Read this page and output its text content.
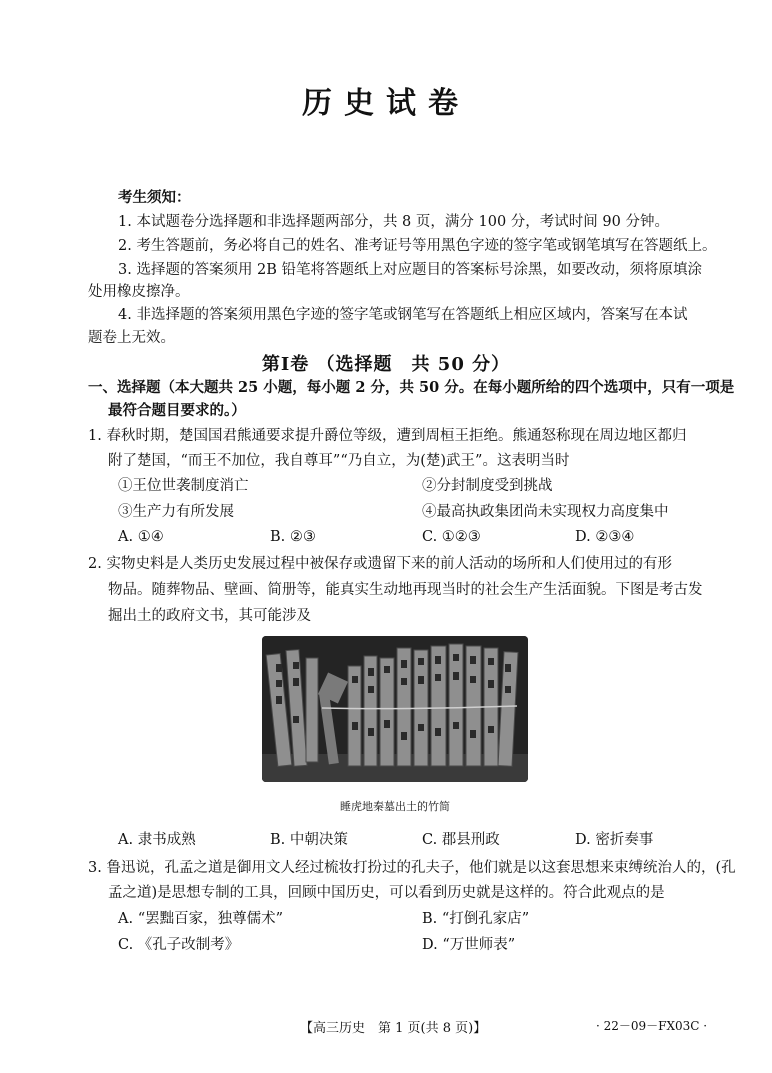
历史试卷
考生须知：
1. 本试题卷分选择题和非选择题两部分，共 8 页，满分 100 分，考试时间 90 分钟。
2. 考生答题前，务必将自己的姓名、准考证号等用黑色字迹的签字笔或钢笔填写在答题纸上。
3. 选择题的答案须用 2B 铅笔将答题纸上对应题目的答案标号涂黑，如要改动，须将原填涂
处用橡皮擦净。
4. 非选择题的答案须用黑色字迹的签字笔或钢笔写在答题纸上相应区域内，答案写在本试
题卷上无效。
第Ⅰ卷 （选择题　共 50 分）
一、选择题（本大题共 25 小题，每小题 2 分，共 50 分。在每小题所给的四个选项中，只有一项是
最符合题目要求的。）
1. 春秋时期，楚国国君熊通要求提升爵位等级，遭到周桓王拒绝。熊通怒称现在周边地区都归
附了楚国，“而王不加位，我自尊耳”“乃自立，为(楚)武王”。这表明当时
①王位世袭制度消亡	②分封制度受到挑战
③生产力有所发展	④最高执政集团尚未实现权力高度集中
A. ①④	B. ②③	C. ①②③	D. ②③④
2. 实物史料是人类历史发展过程中被保存或遗留下来的前人活动的场所和人们使用过的有形
物品。随葬物品、壁画、简册等，能真实生动地再现当时的社会生产生活面貌。下图是考古发
掘出土的政府文书，其可能涉及
睡虎地秦墓出土的竹简
A. 隶书成熟	B. 中朝决策	C. 郡县刑政	D. 密折奏事
3. 鲁迅说，孔孟之道是御用文人经过梳妆打扮过的孔夫子，他们就是以这套思想来束缚统治人的，(孔
孟之道)是思想专制的工具，回顾中国历史，可以看到历史就是这样的。符合此观点的是
A. “罢黜百家，独尊儒术”	B. “打倒孔家店”
C. 《孔子改制考》	D. “万世师表”
【高三历史　第 1 页(共 8 页)】	· 22－09－FX03C ·
